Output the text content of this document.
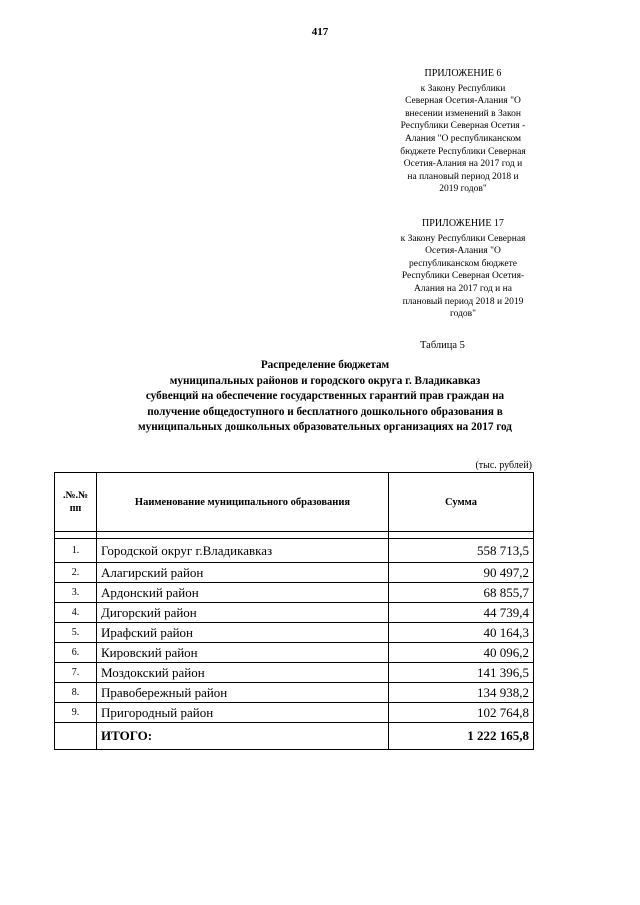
417
ПРИЛОЖЕНИЕ 6
к Закону Республики
Северная Осетия-Алания "О
внесении изменений в Закон
Республики Северная Осетия -
Алания "О республиканском
бюджете Республики Северная
Осетия-Алания на 2017 год и
на плановый период 2018 и
2019 годов"
ПРИЛОЖЕНИЕ 17
к Закону Республики Северная
Осетия-Алания "О
республиканском бюджете
Республики Северная Осетия-
Алания на 2017 год и на
плановый период 2018 и 2019
годов"
Таблица 5
Распределение бюджетам
муниципальных районов и городского округа г. Владикавказ
субвенций на обеспечение государственных гарантий прав граждан на
получение общедоступного и бесплатного дошкольного образования в
муниципальных дошкольных образовательных организациях на 2017 год
(тыс. рублей)
.№.№
пп	Наименование муниципального образования	Сумма

1.	Городской округ г.Владикавказ	558 713,5
2.	Алагирский район	90 497,2
3.	Ардонский район	68 855,7
4.	Дигорский район	44 739,4
5.	Ирафский район	40 164,3
6.	Кировский район	40 096,2
7.	Моздокский район	141 396,5
8.	Правобережный район	134 938,2
9.	Пригородный район	102 764,8
	ИТОГО:	1 222 165,8
